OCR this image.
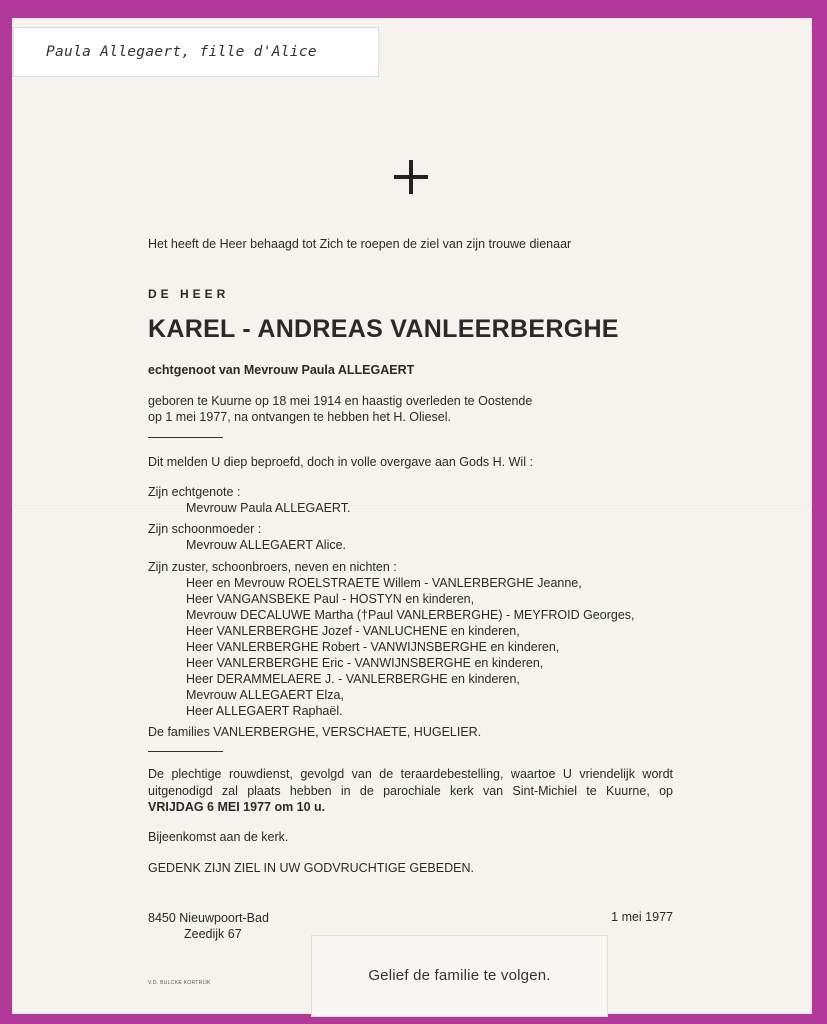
Paula Allegaert, fille d'Alice
Het heeft de Heer behaagd tot Zich te roepen de ziel van zijn trouwe dienaar
DE HEER
KAREL - ANDREAS VANLEERBERGHE
echtgenoot van Mevrouw Paula ALLEGAERT
geboren te Kuurne op 18 mei 1914 en haastig overleden te Oostende
op 1 mei 1977, na ontvangen te hebben het H. Oliesel.
Dit melden U diep beproefd, doch in volle overgave aan Gods H. Wil :
Zijn echtgenote :
Mevrouw Paula ALLEGAERT.
Zijn schoonmoeder :
Mevrouw ALLEGAERT Alice.
Zijn zuster, schoonbroers, neven en nichten :
Heer en Mevrouw ROELSTRAETE Willem - VANLERBERGHE Jeanne,
Heer VANGANSBEKE Paul - HOSTYN en kinderen,
Mevrouw DECALUWE Martha (†Paul VANLERBERGHE) - MEYFROID Georges,
Heer VANLERBERGHE Jozef - VANLUCHENE en kinderen,
Heer VANLERBERGHE Robert - VANWIJNSBERGHE en kinderen,
Heer VANLERBERGHE Eric - VANWIJNSBERGHE en kinderen,
Heer DERAMMELAERE J. - VANLERBERGHE en kinderen,
Mevrouw ALLEGAERT Elza,
Heer ALLEGAERT Raphaël.
De families VANLERBERGHE, VERSCHAETE, HUGELIER.
De plechtige rouwdienst, gevolgd van de teraardebestelling, waartoe U vriendelijk wordt
uitgenodigd zal plaats hebben in de parochiale kerk van Sint-Michiel te Kuurne, op
VRIJDAG 6 MEI 1977 om 10 u.
Bijeenkomst aan de kerk.
GEDENK ZIJN ZIEL IN UW GODVRUCHTIGE GEBEDEN.
8450 Nieuwpoort-Bad
Zeedijk 67
1 mei 1977
V.D. BULCKE KORTRIJK	Gelief de familie te volgen.
